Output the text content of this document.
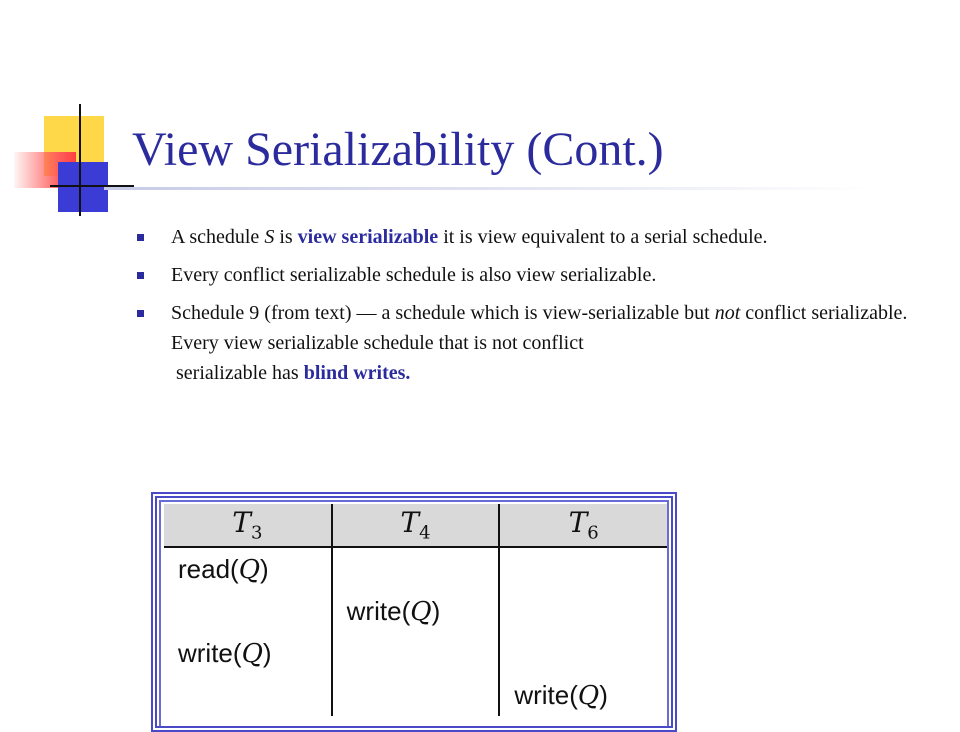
View Serializability (Cont.)
A schedule S is view serializable it is view equivalent to a serial schedule.
Every conflict serializable schedule is also view serializable.
Schedule 9 (from text) — a schedule which is view-serializable but not conflict serializable.
Every view serializable schedule that is not conflict
serializable has blind writes.
$T_3$	$T_4$	$T_6$
read(Q)		
	write(Q)	
write(Q)		
		write(Q)
